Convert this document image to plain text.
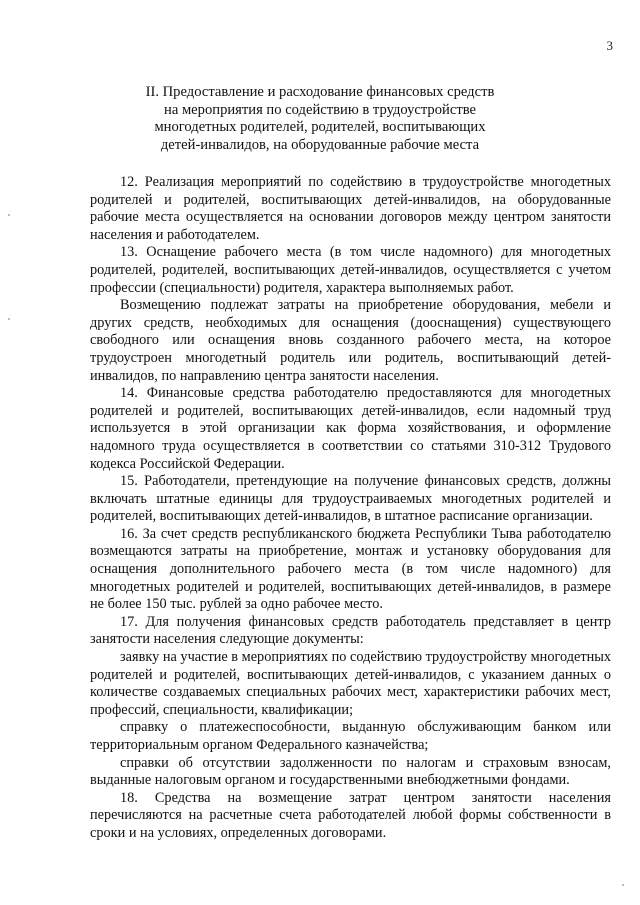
3
II. Предоставление и расходование финансовых средств
на мероприятия по содействию в трудоустройстве
многодетных родителей, родителей, воспитывающих
детей-инвалидов, на оборудованные рабочие места

12. Реализация мероприятий по содействию в трудоустройстве многодетных родителей и родителей, воспитывающих детей-инвалидов, на оборудованные рабочие места осуществляется на основании договоров между центром занятости населения и работодателем.

13. Оснащение рабочего места (в том числе надомного) для многодетных родителей, родителей, воспитывающих детей-инвалидов, осуществляется с учетом профессии (специальности) родителя, характера выполняемых работ.

Возмещению подлежат затраты на приобретение оборудования, мебели и других средств, необходимых для оснащения (дооснащения) существующего свободного или оснащения вновь созданного рабочего места, на которое трудоустроен многодетный родитель или родитель, воспитывающий детей-инвалидов, по направлению центра занятости населения.

14. Финансовые средства работодателю предоставляются для многодетных родителей и родителей, воспитывающих детей-инвалидов, если надомный труд используется в этой организации как форма хозяйствования, и оформление надомного труда осуществляется в соответствии со статьями 310-312 Трудового кодекса Российской Федерации.

15. Работодатели, претендующие на получение финансовых средств, должны включать штатные единицы для трудоустраиваемых многодетных родителей и родителей, воспитывающих детей-инвалидов, в штатное расписание организации.

16. За счет средств республиканского бюджета Республики Тыва работодателю возмещаются затраты на приобретение, монтаж и установку оборудования для оснащения дополнительного рабочего места (в том числе надомного) для многодетных родителей и родителей, воспитывающих детей-инвалидов, в размере не более 150 тыс. рублей за одно рабочее место.

17. Для получения финансовых средств работодатель представляет в центр занятости населения следующие документы:

заявку на участие в мероприятиях по содействию трудоустройству многодетных родителей и родителей, воспитывающих детей-инвалидов, с указанием данных о количестве создаваемых специальных рабочих мест, характеристики рабочих мест, профессий, специальности, квалификации;

справку о платежеспособности, выданную обслуживающим банком или территориальным органом Федерального казначейства;

справки об отсутствии задолженности по налогам и страховым взносам, выданные налоговым органом и государственными внебюджетными фондами.

18. Средства на возмещение затрат центром занятости населения перечисляются на расчетные счета работодателей любой формы собственности в сроки и на условиях, определенных договорами.
